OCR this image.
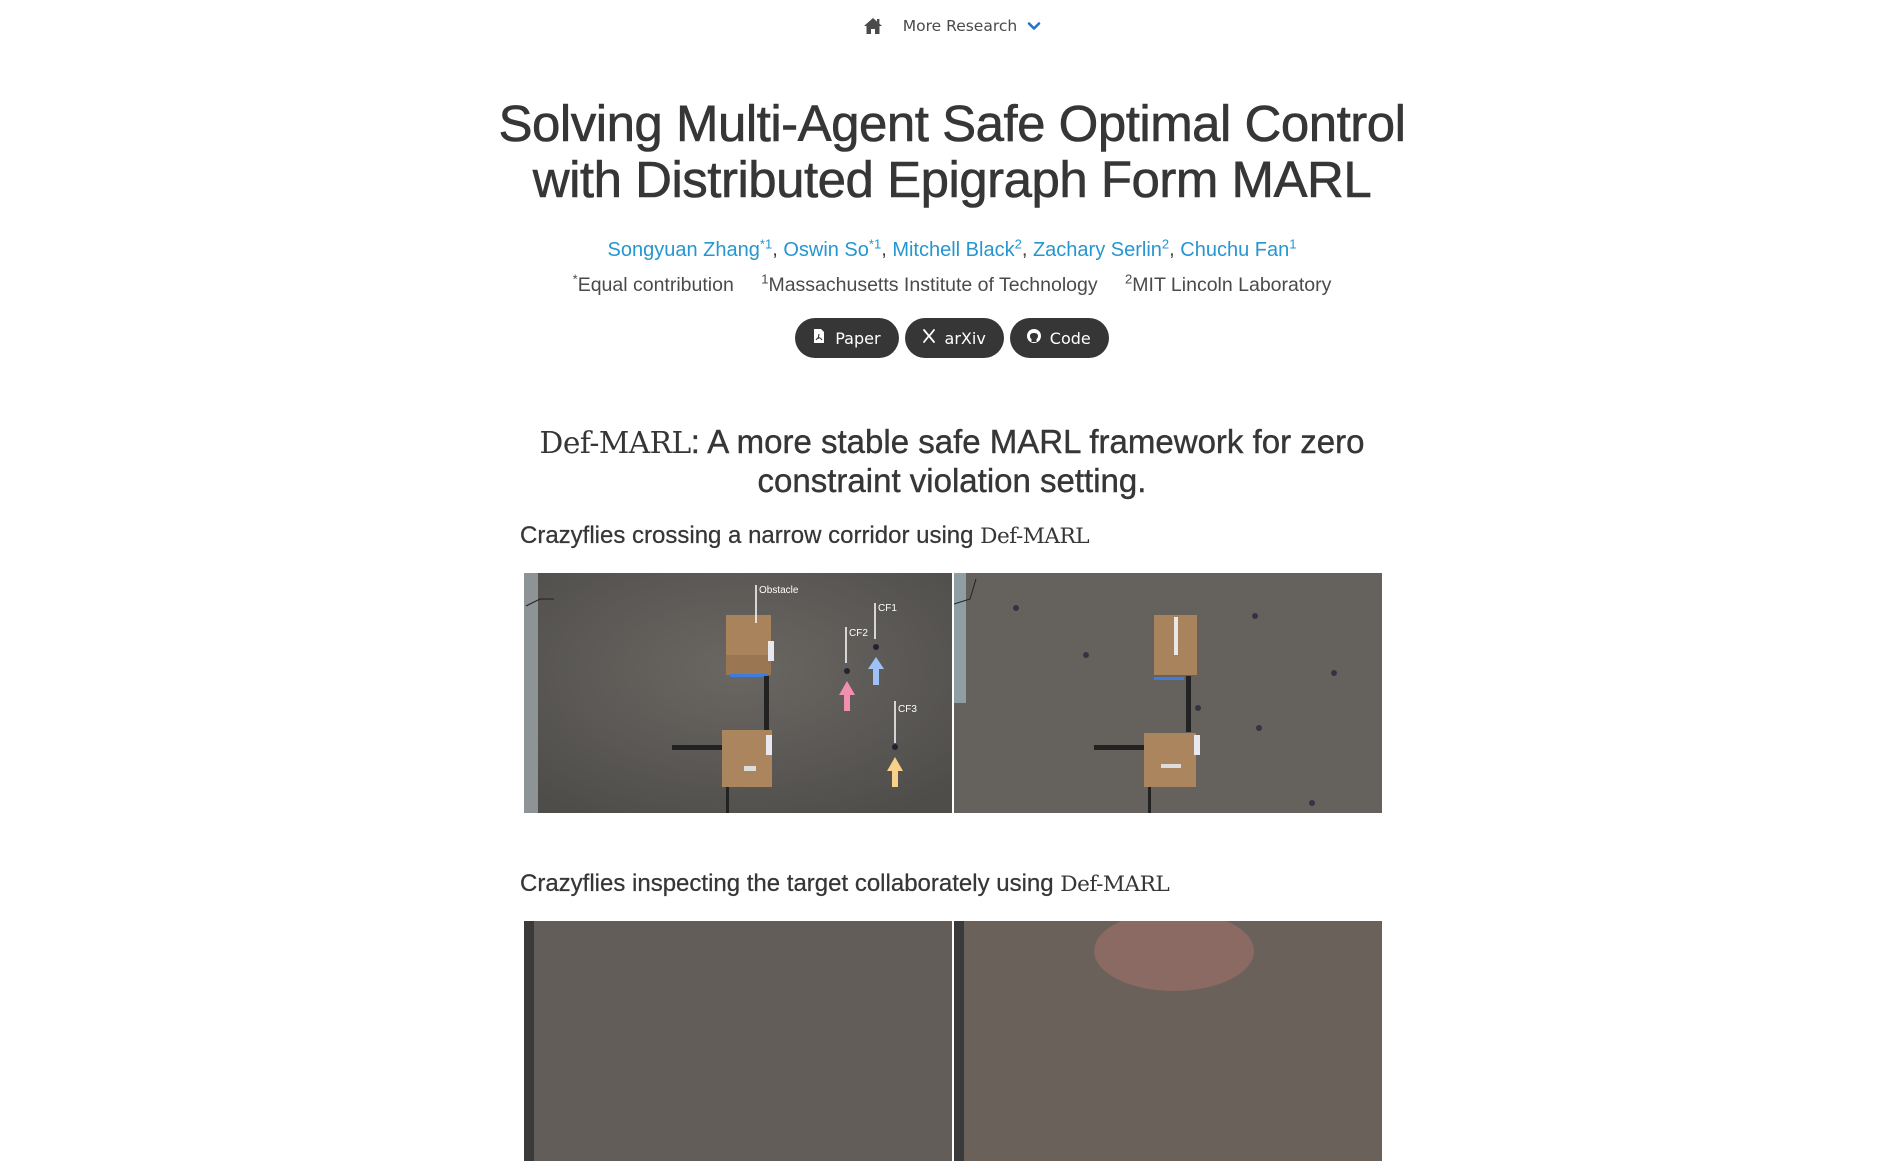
More Research
Solving Multi-Agent Safe Optimal Control
with Distributed Epigraph Form MARL
Songyuan Zhang$^{*1}$, Oswin So$^{*1}$, Mitchell Black$^2$, Zachary Serlin$^2$, Chuchu Fan$^1$
*Equal contribution $^1$Massachusetts Institute of Technology $^2$MIT Lincoln Laboratory
Paper	arXiv	Code
Def-MARL: A more stable safe MARL framework for zero
constraint violation setting.
Crazyflies crossing a narrow corridor using Def-MARL
Obstacle
CF1
CF2
CF3
Crazyflies inspecting the target collaborately using Def-MARL
